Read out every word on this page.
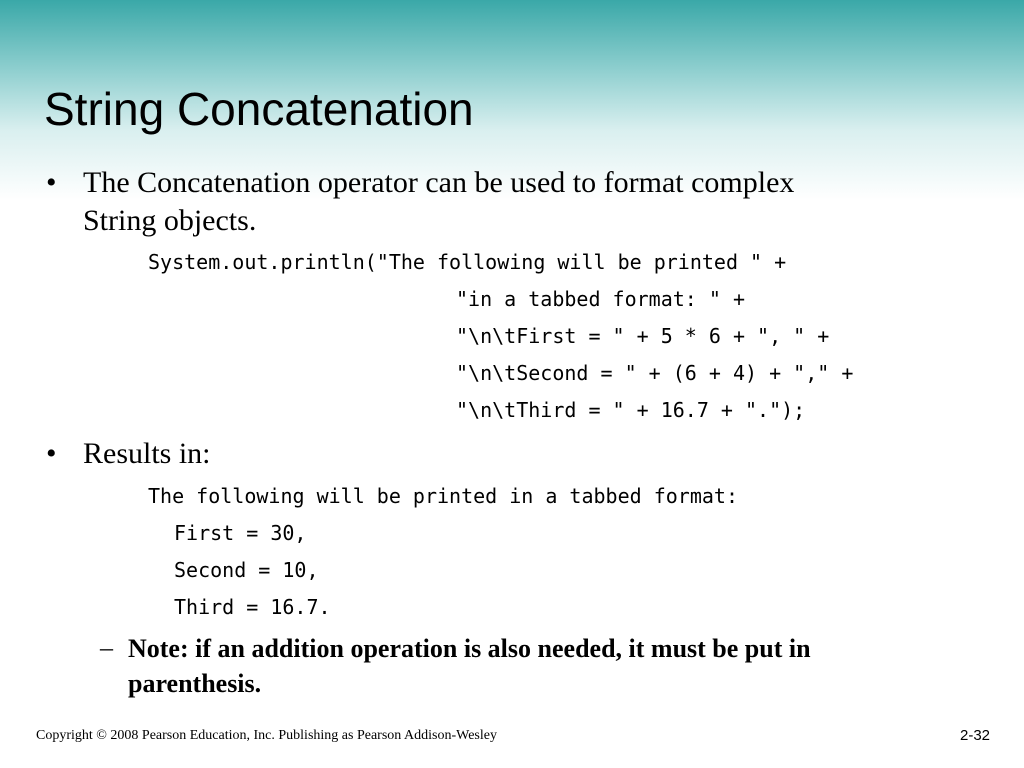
String Concatenation
• The Concatenation operator can be used to format complex
String objects.
System.out.println("The following will be printed " +
"in a tabbed format: " +
"\n\tFirst = " + 5 * 6 + ", " +
"\n\tSecond = " + (6 + 4) + "," +
"\n\tThird = " + 16.7 + ".");
• Results in:
The following will be printed in a tabbed format:
First = 30,
Second = 10,
Third = 16.7.
– Note: if an addition operation is also needed, it must be put in parenthesis.
Copyright © 2008 Pearson Education, Inc. Publishing as Pearson Addison-Wesley	2-32
